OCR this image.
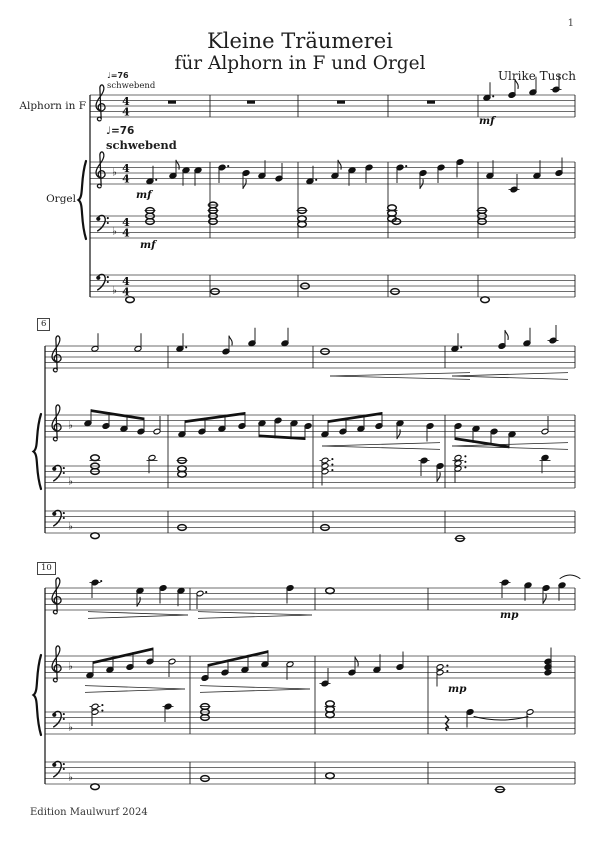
4
4
♭ 4
4
♭
4
4
♭
4
4
mf
mf
mf
♭
♭
♭
♭
♭
♭
mp
mp
1
Kleine Träumerei
für Alphorn in F und Orgel
Ulrike Tusch
♩=76
schwebend
♩=76
schwebend
Alphorn in F
Orgel
6
10
Edition Maulwurf 2024
